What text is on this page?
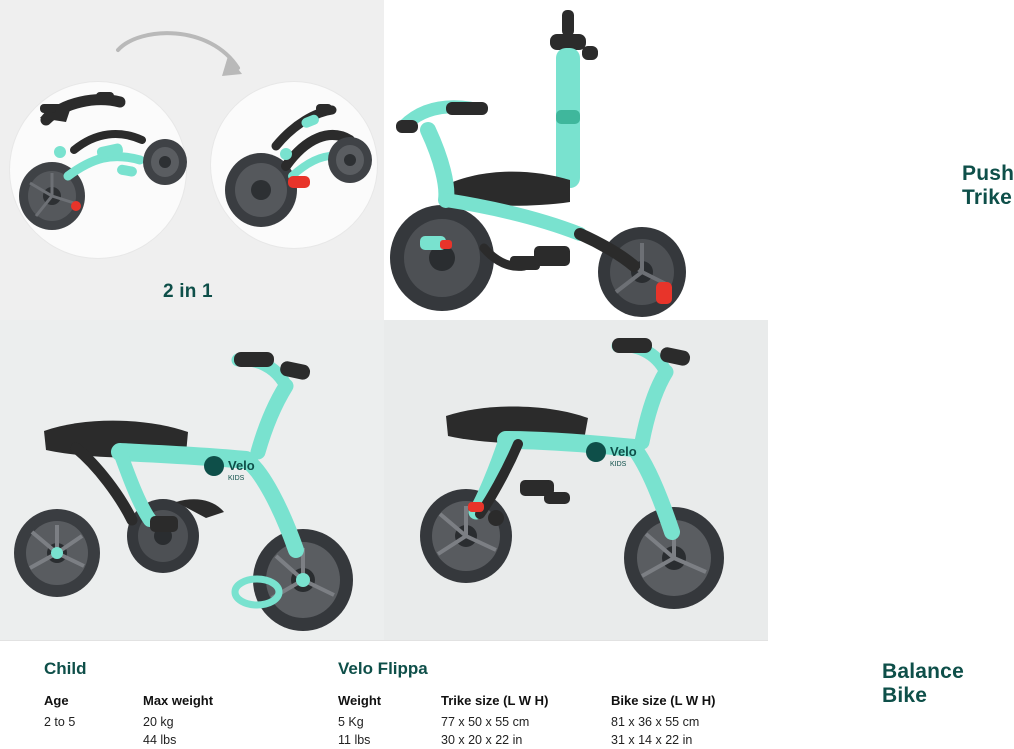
2 in 1
Push Trike
Velo
KIDS
Balance Bike
Velo
KIDS
Child	Velo Flippa
Age
2 to 5
Max weight
20 kg
44 lbs
Weight
5 Kg
11 lbs
Trike size (L W H)
77 x 50 x 55 cm
30 x 20 x 22 in
Bike size (L W H)
81 x 36 x 55 cm
31 x 14 x 22 in
